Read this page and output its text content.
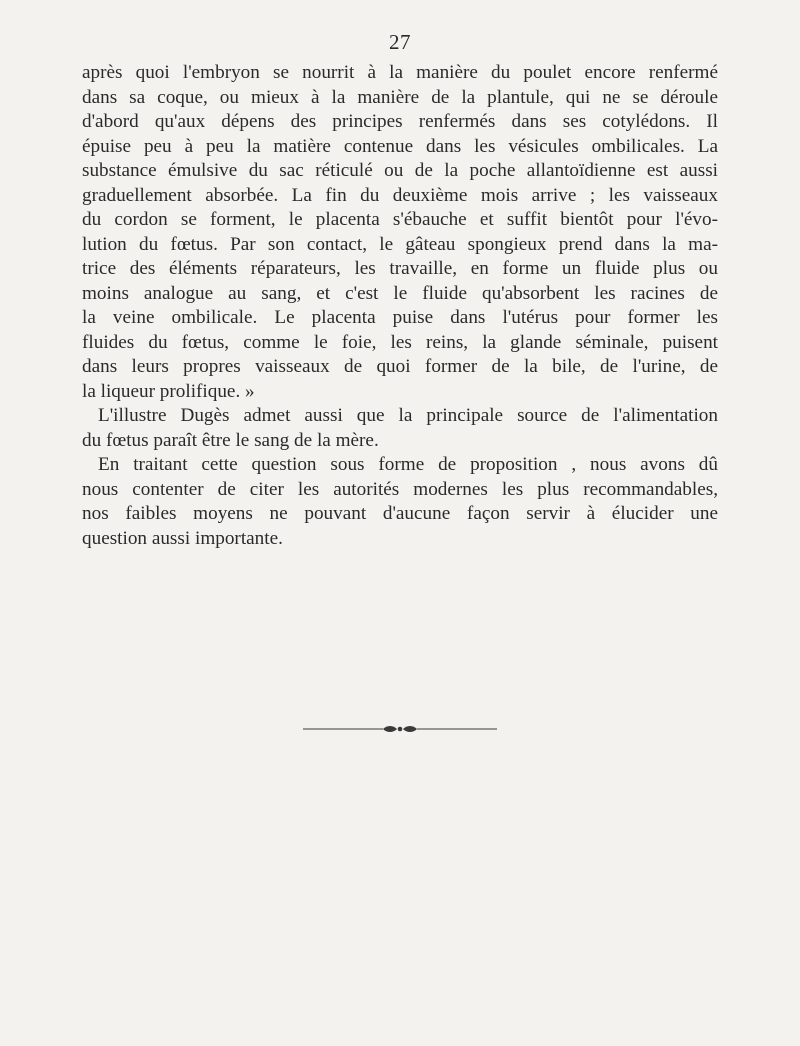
27
après quoi l'embryon se nourrit à la manière du poulet encore renfermé
dans sa coque, ou mieux à la manière de la plantule, qui ne se déroule
d'abord qu'aux dépens des principes renfermés dans ses cotylédons. Il
épuise peu à peu la matière contenue dans les vésicules ombilicales. La
substance émulsive du sac réticulé ou de la poche allantoïdienne est aussi
graduellement absorbée. La fin du deuxième mois arrive ; les vaisseaux
du cordon se forment, le placenta s'ébauche et suffit bientôt pour l'évo-
lution du fœtus. Par son contact, le gâteau spongieux prend dans la ma-
trice des éléments réparateurs, les travaille, en forme un fluide plus ou
moins analogue au sang, et c'est le fluide qu'absorbent les racines de
la veine ombilicale. Le placenta puise dans l'utérus pour former les
fluides du fœtus, comme le foie, les reins, la glande séminale, puisent
dans leurs propres vaisseaux de quoi former de la bile, de l'urine, de
la liqueur prolifique. »
L'illustre Dugès admet aussi que la principale source de l'alimentation
du fœtus paraît être le sang de la mère.
En traitant cette question sous forme de proposition , nous avons dû
nous contenter de citer les autorités modernes les plus recommandables,
nos faibles moyens ne pouvant d'aucune façon servir à élucider une
question aussi importante.
